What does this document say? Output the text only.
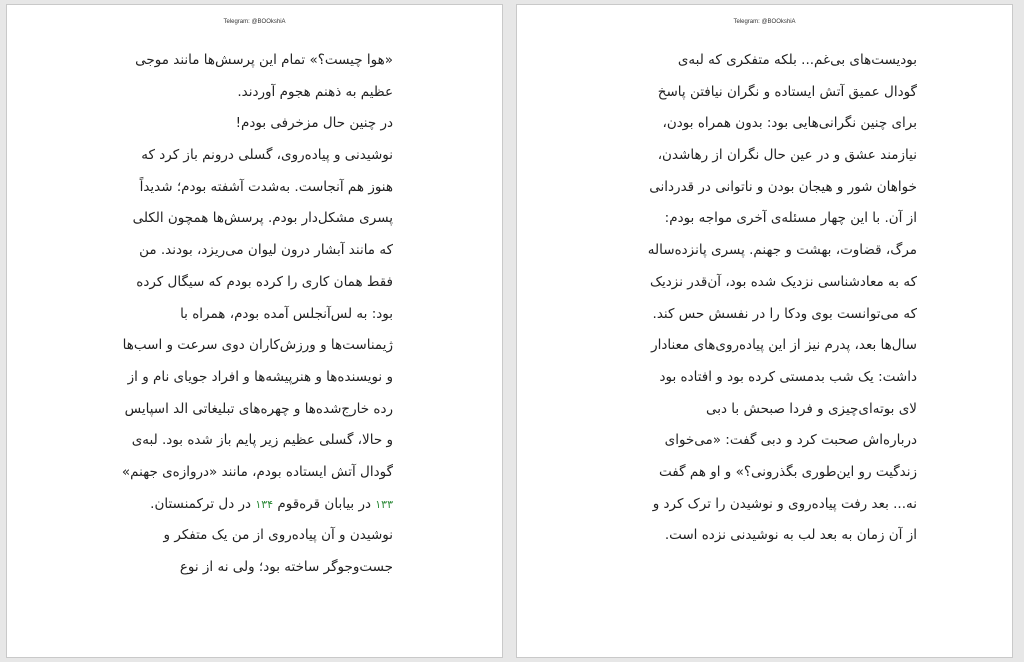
Telegram: @BOOkshiA
«هوا چیست؟» تمام این پرسش‌ها مانند موجی
عظیم به ذهنم هجوم آوردند.
در چنین حال مزخرفی بودم!
نوشیدنی و پیاده‌روی، گسلی درونم باز کرد که
هنوز هم آنجاست. به‌شدت آشفته بودم؛ شدیداً
پسری مشکل‌دار بودم. پرسش‌ها همچون الکلی
که مانند آبشار درون لیوان می‌ریزد، بودند. من
فقط همان کاری را کرده بودم که سیگال کرده
بود: به لس‌آنجلس آمده بودم، همراه با
ژیمناست‌ها و ورزش‌کاران دوی سرعت و اسب‌ها
و نویسنده‌ها و هنرپیشه‌ها و افراد جویای نام و از
رده خارج‌شده‌ها و چهره‌های تبلیغاتی الد اسپایس
و حالا، گسلی عظیم زیر پایم باز شده بود. لبه‌ی
گودال آتش ایستاده بودم، مانند «دروازه‌ی جهنم»
۱۳۳ در بیابان قره‌قوم ۱۳۴ در دل ترکمنستان.
نوشیدن و آن پیاده‌روی از من یک متفکر و
جست‌وجوگر ساخته بود؛ ولی نه از نوع
Telegram: @BOOkshiA
بودیست‌های بی‌غم... بلکه متفکری که لبه‌ی
گودال عمیق آتش ایستاده و نگران نیافتن پاسخ
برای چنین نگرانی‌هایی بود: بدون همراه بودن،
نیازمند عشق و در عین حال نگران از رهاشدن،
خواهان شور و هیجان بودن و ناتوانی در قدردانی
از آن. با این چهار مسئله‌ی آخری مواجه بودم:
مرگ، قضاوت، بهشت و جهنم. پسری پانزده‌ساله
که به معادشناسی نزدیک شده بود، آن‌قدر نزدیک
که می‌توانست بوی ودکا را در نفسش حس کند.
سال‌ها بعد، پدرم نیز از این پیاده‌روی‌های معنادار
داشت: یک شب بدمستی کرده بود و افتاده بود
لای بوته‌ای‌چیزی و فردا صبحش با دبی
درباره‌اش صحبت کرد و دبی گفت: «می‌خوای
زندگیت رو این‌طوری بگذرونی؟» و او هم گفت
نه... بعد رفت پیاده‌روی و نوشیدن را ترک کرد و
از آن زمان به بعد لب به نوشیدنی نزده است.
